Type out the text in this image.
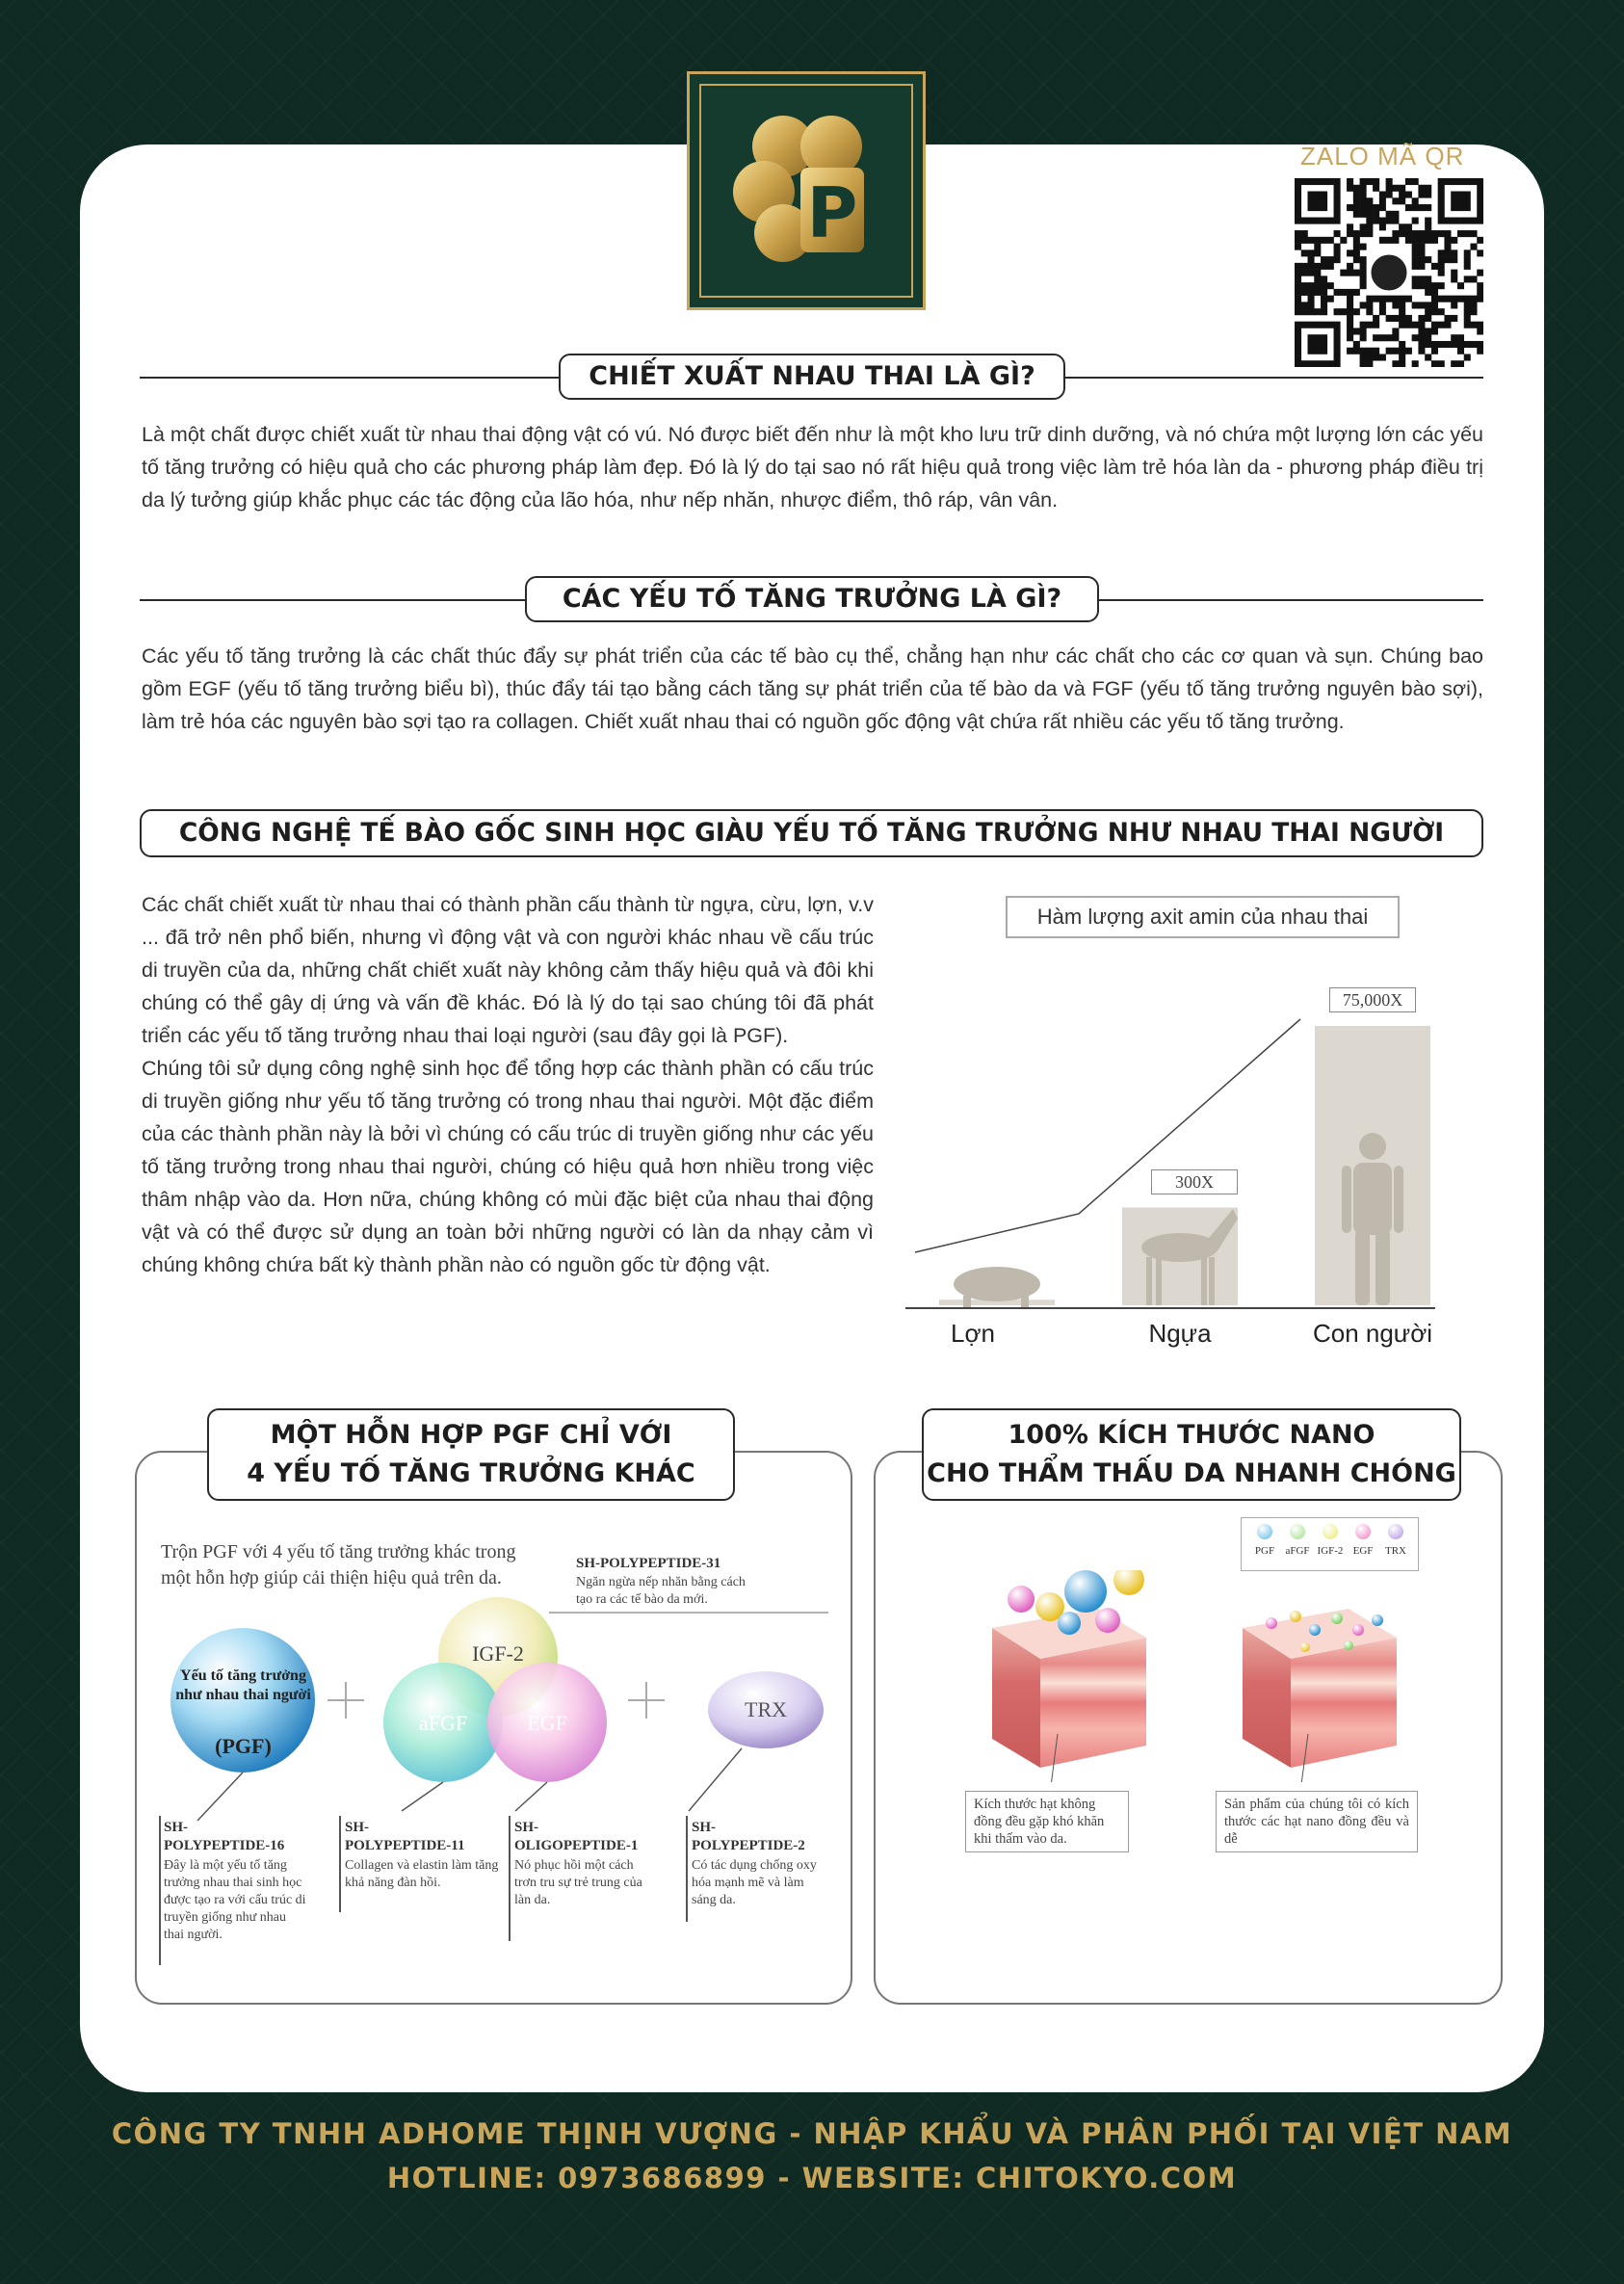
P
ZALO MÃ QR
CHIẾT XUẤT NHAU THAI LÀ GÌ?
Là một chất được chiết xuất từ nhau thai động vật có vú. Nó được biết đến như là một kho lưu trữ dinh dưỡng, và nó chứa một lượng lớn các yếu tố tăng trưởng có hiệu quả cho các phương pháp làm đẹp. Đó là lý do tại sao nó rất hiệu quả trong việc làm trẻ hóa làn da - phương pháp điều trị da lý tưởng giúp khắc phục các tác động của lão hóa, như nếp nhăn, nhược điểm, thô ráp, vân vân.
CÁC YẾU TỐ TĂNG TRƯỞNG LÀ GÌ?
Các yếu tố tăng trưởng là các chất thúc đẩy sự phát triển của các tế bào cụ thể, chẳng hạn như các chất cho các cơ quan và sụn. Chúng bao gồm EGF (yếu tố tăng trưởng biểu bì), thúc đẩy tái tạo bằng cách tăng sự phát triển của tế bào da và FGF (yếu tố tăng trưởng nguyên bào sợi), làm trẻ hóa các nguyên bào sợi tạo ra collagen. Chiết xuất nhau thai có nguồn gốc động vật chứa rất nhiều các yếu tố tăng trưởng.
CÔNG NGHỆ TẾ BÀO GỐC SINH HỌC GIÀU YẾU TỐ TĂNG TRƯỞNG NHƯ NHAU THAI NGƯỜI
Các chất chiết xuất từ nhau thai có thành phần cấu thành từ ngựa, cừu, lợn, v.v ... đã trở nên phổ biến, nhưng vì động vật và con người khác nhau về cấu trúc di truyền của da, những chất chiết xuất này không cảm thấy hiệu quả và đôi khi chúng có thể gây dị ứng và vấn đề khác. Đó là lý do tại sao chúng tôi đã phát triển các yếu tố tăng trưởng nhau thai loại người (sau đây gọi là PGF).
Chúng tôi sử dụng công nghệ sinh học để tổng hợp các thành phần có cấu trúc di truyền giống như yếu tố tăng trưởng có trong nhau thai người. Một đặc điểm của các thành phần này là bởi vì chúng có cấu trúc di truyền giống như các yếu tố tăng trưởng trong nhau thai người, chúng có hiệu quả hơn nhiều trong việc thâm nhập vào da. Hơn nữa, chúng không có mùi đặc biệt của nhau thai động vật và có thể được sử dụng an toàn bởi những người có làn da nhạy cảm vì chúng không chứa bất kỳ thành phần nào có nguồn gốc từ động vật.
Hàm lượng axit amin của nhau thai
Lợn	Ngựa
300X
Con người
75,000X
MỘT HỖN HỢP PGF CHỈ VỚI
4 YẾU TỐ TĂNG TRƯỞNG KHÁC
Trộn PGF với 4 yếu tố tăng trưởng khác trong một hỗn hợp giúp cải thiện hiệu quả trên da.
Yếu tố tăng trưởng như nhau thai người
(PGF)
IGF-2
aFGF	EGF
TRX
SH-POLYPEPTIDE-31
Ngăn ngừa nếp nhăn bằng cách tạo ra các tế bào da mới.
SH-
POLYPEPTIDE-16
Đây là một yếu tố tăng trưởng nhau thai sinh học được tạo ra với cấu trúc di truyền giống như nhau thai người.
SH-
POLYPEPTIDE-11
Collagen và elastin làm tăng khả năng đàn hồi.
SH-
OLIGOPEPTIDE-1
Nó phục hồi một cách trơn tru sự trẻ trung của làn da.
SH-
POLYPEPTIDE-2
Có tác dụng chống oxy hóa mạnh mẽ và làm sáng da.
100% KÍCH THƯỚC NANO
CHO THẨM THẤU DA NHANH CHÓNG
PGF	aFGF IGF-2 EGF	TRX
Kích thước hạt không đồng đều gặp khó khăn khi thấm vào da.
Sản phẩm của chúng tôi có kích thước các hạt nano đồng đều và dễ
CÔNG TY TNHH ADHOME THỊNH VƯỢNG - NHẬP KHẨU VÀ PHÂN PHỐI TẠI VIỆT NAM
HOTLINE: 0973686899 - WEBSITE: CHITOKYO.COM
